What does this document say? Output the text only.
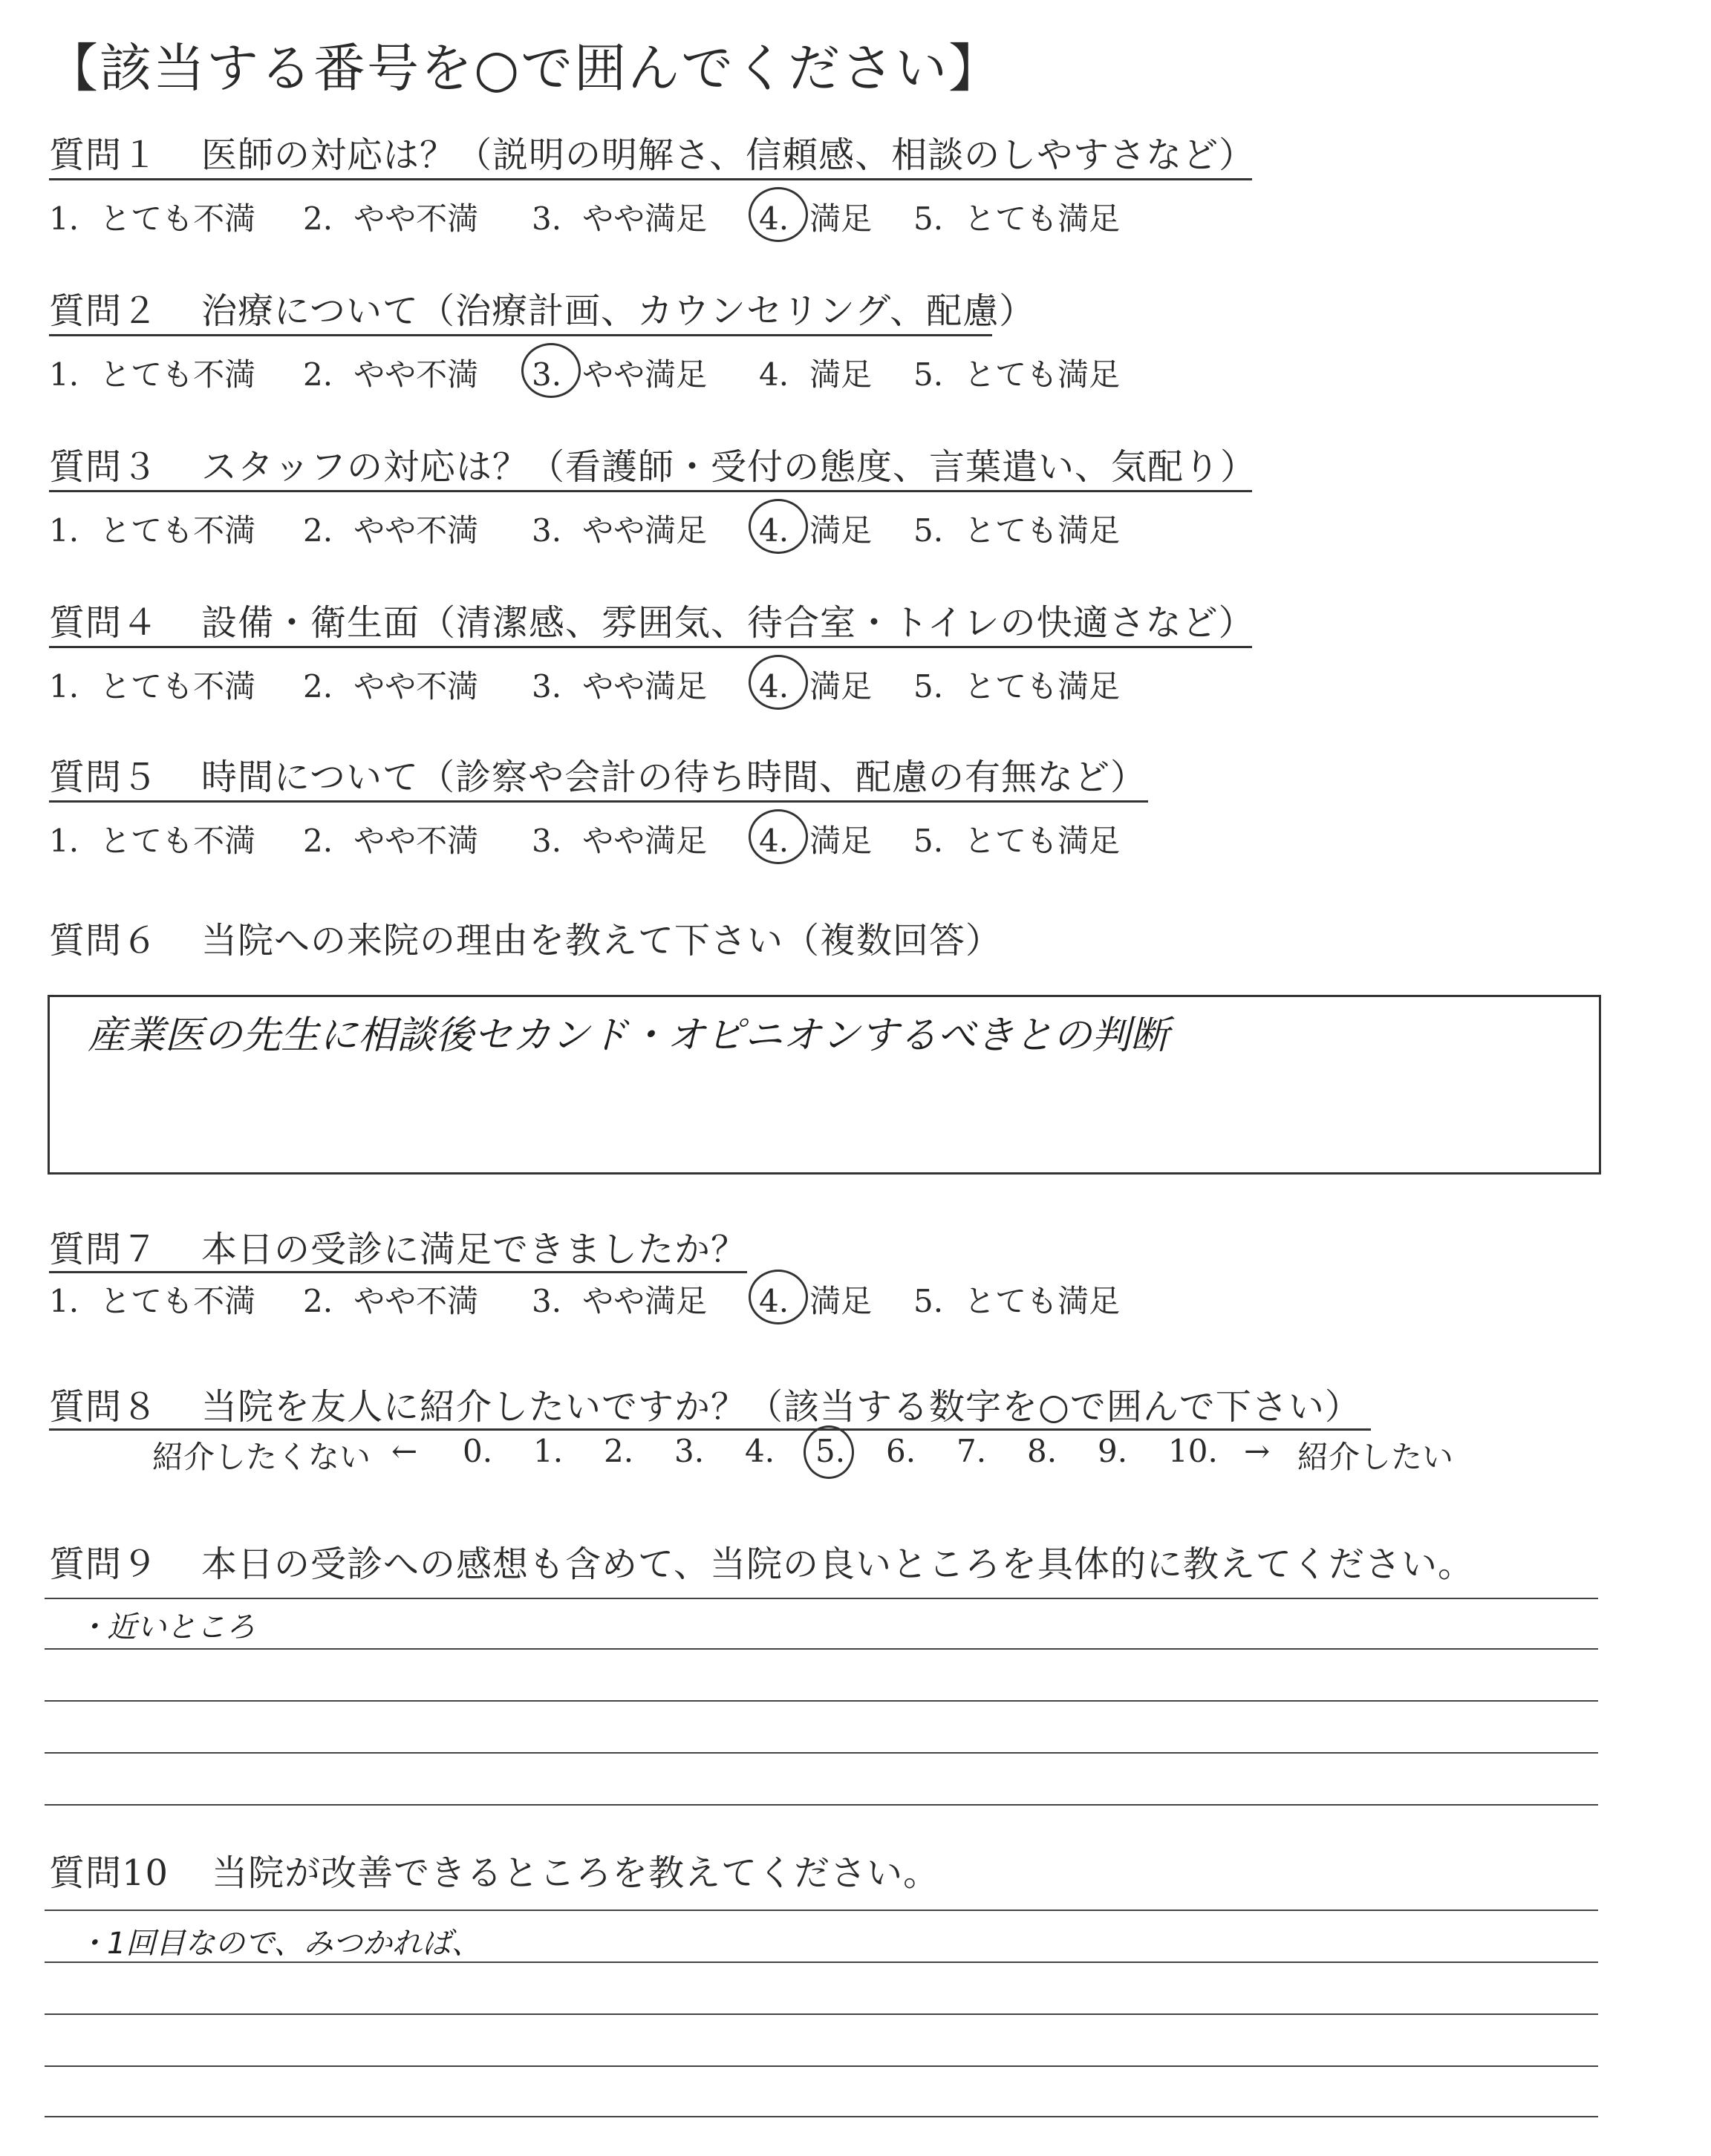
【該当する番号を○で囲んでください】
質問１ 医師の対応は？（説明の明解さ、信頼感、相談のしやすさなど）
1. とても不満 2. やや不満 3. やや満足 4. 満足 5. とても満足
質問２ 治療について（治療計画、カウンセリング、配慮）
1. とても不満 2. やや不満 3. やや満足 4. 満足 5. とても満足
質問３ スタッフの対応は？（看護師・受付の態度、言葉遣い、気配り）
1. とても不満 2. やや不満 3. やや満足 4. 満足 5. とても満足
質問４ 設備・衛生面（清潔感、雰囲気、待合室・トイレの快適さなど）
1. とても不満 2. やや不満 3. やや満足 4. 満足 5. とても満足
質問５ 時間について（診察や会計の待ち時間、配慮の有無など）
1. とても不満 2. やや不満 3. やや満足 4. 満足 5. とても満足
質問６ 当院への来院の理由を教えて下さい（複数回答）
産業医の先生に相談後セカンド・オピニオンするべきとの判断
質問７ 本日の受診に満足できましたか？
1. とても不満 2. やや不満 3. やや満足 4. 満足 5. とても満足
質問８ 当院を友人に紹介したいですか？（該当する数字を○で囲んで下さい）
紹介したくない ←	→ 紹介したい
0. 1. 2. 3. 4. 5. 6. 7. 8. 9. 10.
質問９ 本日の受診への感想も含めて、当院の良いところを具体的に教えてください。
・近いところ
質問10 当院が改善できるところを教えてください。
・1回目なので、みつかれば、
